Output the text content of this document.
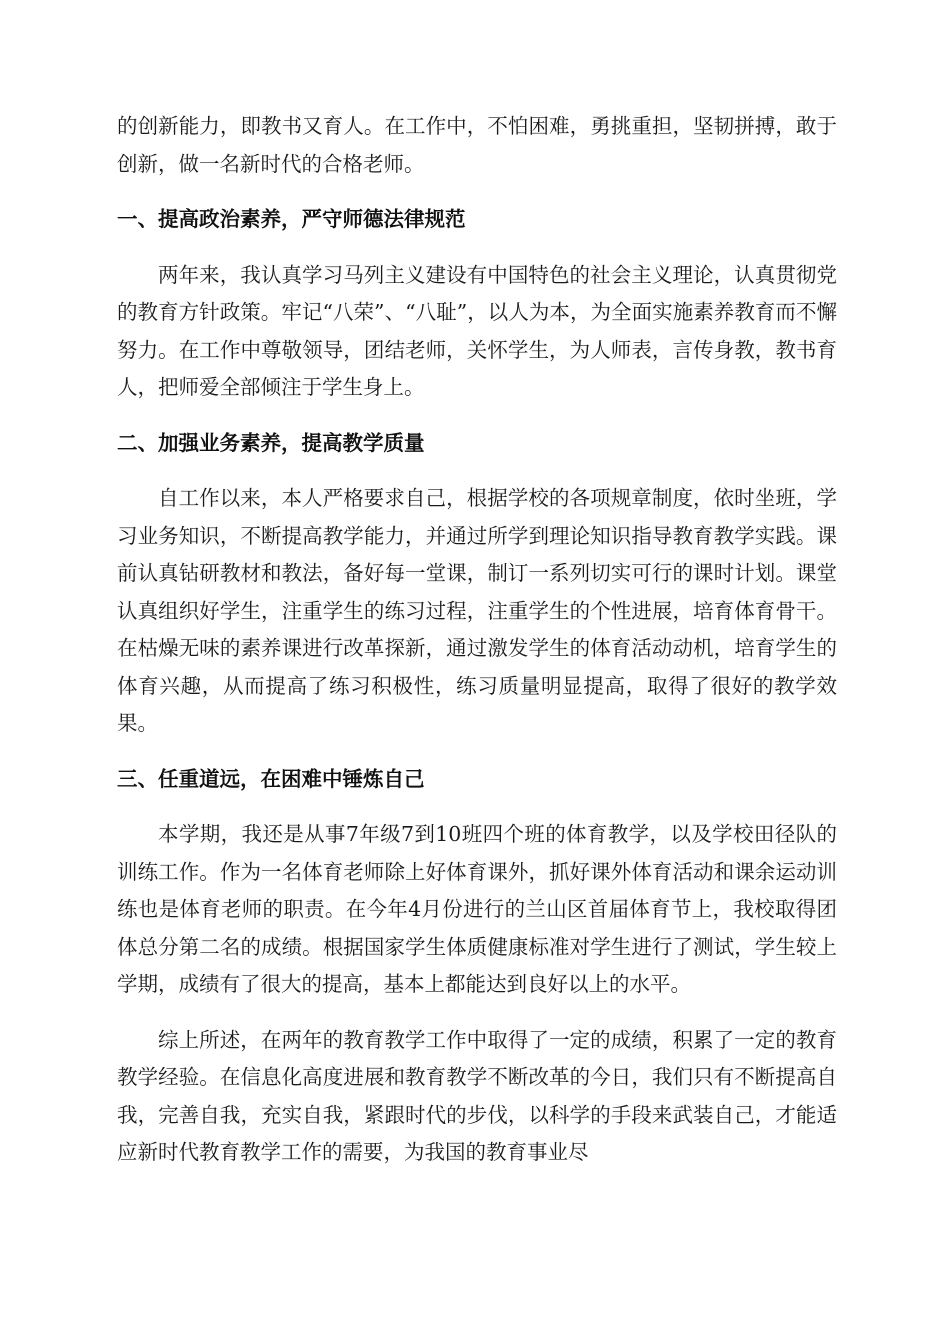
的创新能力，即教书又育人。在工作中，不怕困难，勇挑重担，坚韧拼搏，敢于创新，做一名新时代的合格老师。

一、提高政治素养，严守师德法律规范

两年来，我认真学习马列主义建设有中国特色的社会主义理论，认真贯彻党的教育方针政策。牢记“八荣”、“八耻”，以人为本，为全面实施素养教育而不懈努力。在工作中尊敬领导，团结老师，关怀学生，为人师表，言传身教，教书育人，把师爱全部倾注于学生身上。

二、加强业务素养，提高教学质量

自工作以来，本人严格要求自己，根据学校的各项规章制度，依时坐班，学习业务知识，不断提高教学能力，并通过所学到理论知识指导教育教学实践。课前认真钻研教材和教法，备好每一堂课，制订一系列切实可行的课时计划。课堂认真组织好学生，注重学生的练习过程，注重学生的个性进展，培育体育骨干。在枯燥无味的素养课进行改革探新，通过激发学生的体育活动动机，培育学生的体育兴趣，从而提高了练习积极性，练习质量明显提高，取得了很好的教学效果。

三、任重道远，在困难中锤炼自己

本学期，我还是从事7年级7到10班四个班的体育教学，以及学校田径队的训练工作。作为一名体育老师除上好体育课外，抓好课外体育活动和课余运动训练也是体育老师的职责。在今年4月份进行的兰山区首届体育节上，我校取得团体总分第二名的成绩。根据国家学生体质健康标准对学生进行了测试，学生较上学期，成绩有了很大的提高，基本上都能达到良好以上的水平。

综上所述，在两年的教育教学工作中取得了一定的成绩，积累了一定的教育教学经验。在信息化高度进展和教育教学不断改革的今日，我们只有不断提高自我，完善自我，充实自我，紧跟时代的步伐，以科学的手段来武装自己，才能适应新时代教育教学工作的需要，为我国的教育事业尽
